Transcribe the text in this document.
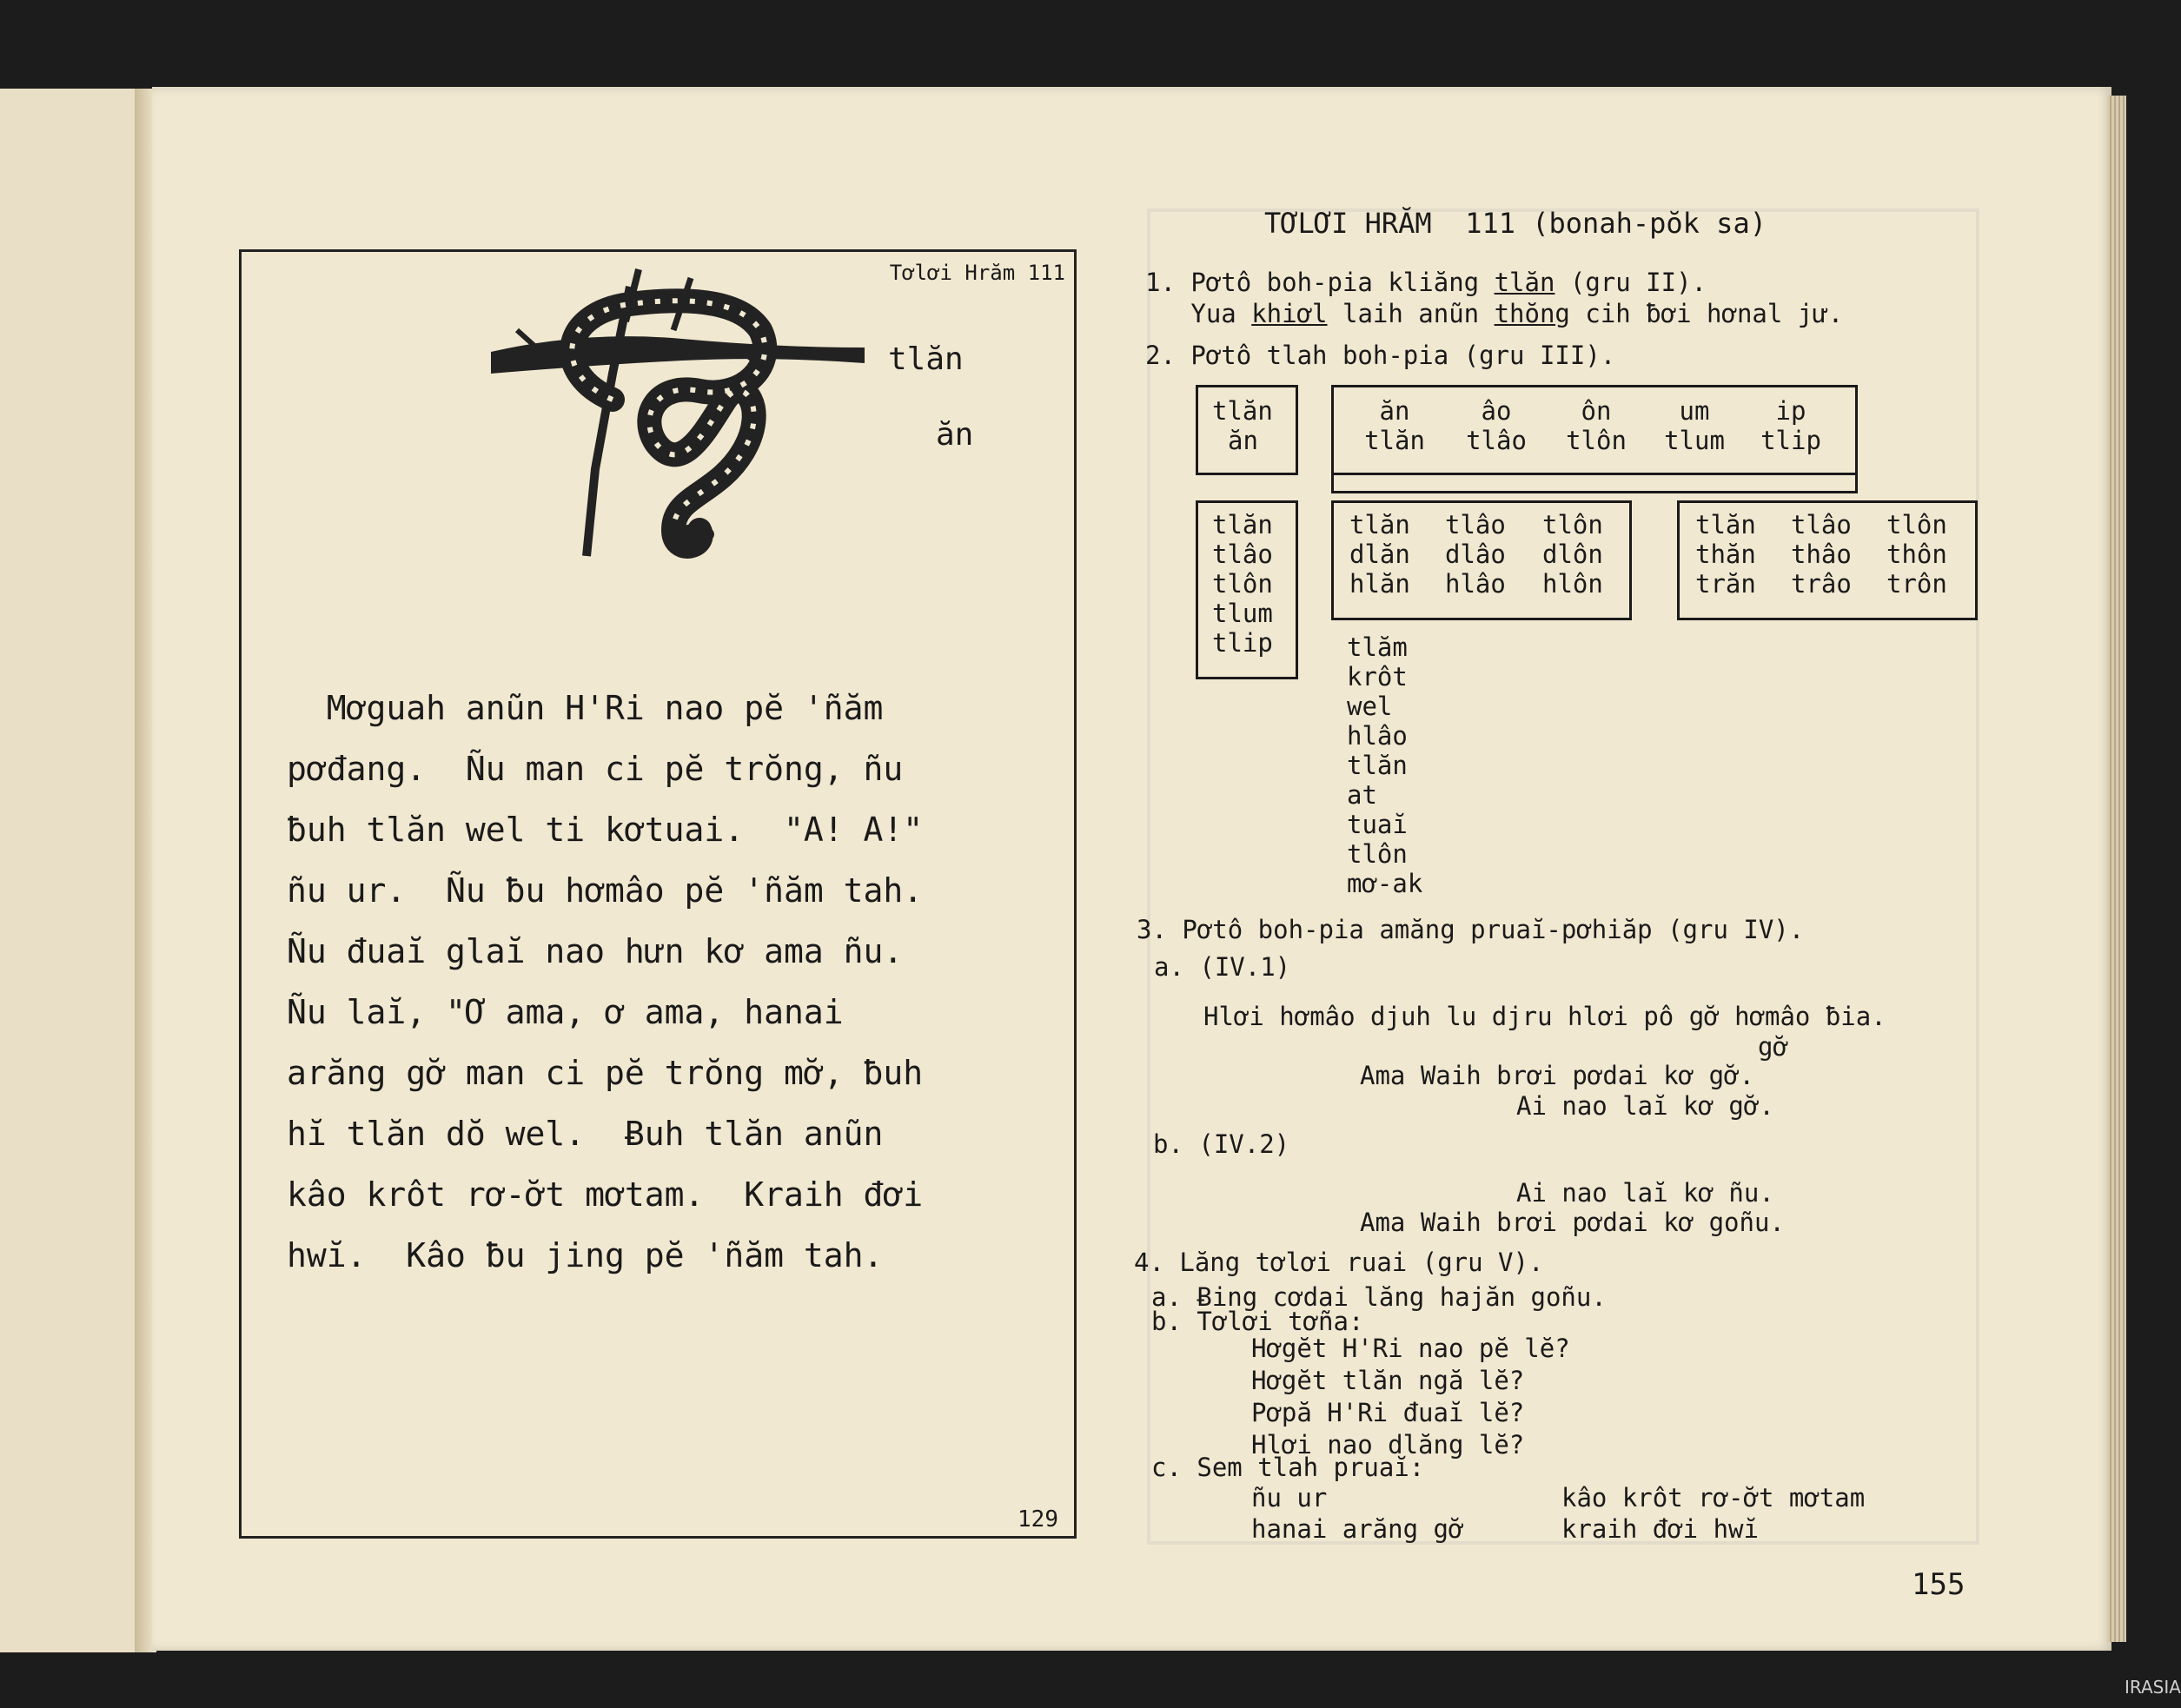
Tơlơi Hrăm 111
129
tlăn
ăn
Mơguah anũn H'Ri nao pĕ 'ñăm
pơđang.  Ñu man ci pĕ trŏng, ñu
ƀuh tlăn wel ti kơtuai.  "A! A!"
ñu ur.  Ñu ƀu hơmâo pĕ 'ñăm tah.
Ñu đuaĭ glaĭ nao hưn kơ ama ñu.
Ñu laĭ, "Ơ ama, ơ ama, hanai
arăng gơ̆ man ci pĕ trŏng mơ̆, ƀuh
hĭ tlăn dŏ wel.  Ƀuh tlăn anũn
kâo krôt rơ-ơ̆t mơtam.  Kraih đơi
hwĭ.  Kâo ƀu jing pĕ 'ñăm tah.
TƠLƠI HRĂM  111 (bonah-pŏk sa)
1. Pơtô boh-pia kliăng tlăn (gru II).
Yua khiơl laih anũn thŏng cih ƀơi hơnal jư.
2. Pơtô tlah boh-pia (gru III).
tlăn
ăn
ăn
tlăn
âo
tlâo
ôn
tlôn
um
tlum
ip
tlip
tlăn
tlâo
tlôn
tlum
tlip
tlăn
dlăn
hlăn
tlâo
dlâo
hlâo
tlôn
dlôn
hlôn
tlăn
thăn
trăn
tlâo
thâo
trâo
tlôn
thôn
trôn
tlăm
krôt
wel
hlâo
tlăn
at
tuaĭ
tlôn
mơ-ak
3. Pơtô boh-pia amăng pruaĭ-pơhiăp (gru IV).
a. (IV.1)
Hlơi hơmâo djuh lu djru hlơi pô gơ̆ hơmâo ƀia.
gơ̆
Ama Waih brơi pơdai kơ gơ̆.
Ai nao laĭ kơ gơ̆.
b. (IV.2)
Ai nao laĭ kơ ñu.
Ama Waih brơi pơdai kơ goñu.
4. Lăng tơlơi ruai (gru V).
a. Ƀing cơdai lăng hajăn goñu.
b. Tơlơi tơña:
Hơgĕt H'Ri nao pĕ lĕ?
Hơgĕt tlăn ngă lĕ?
Pơpă H'Ri đuaĭ lĕ?
Hlơi nao dlăng lĕ?
c. Sem tlah pruaĭ:
ñu ur
hanai arăng gơ̆
kâo krôt rơ-ơ̆t mơtam
kraih đơi hwĭ
155
IRASIA
